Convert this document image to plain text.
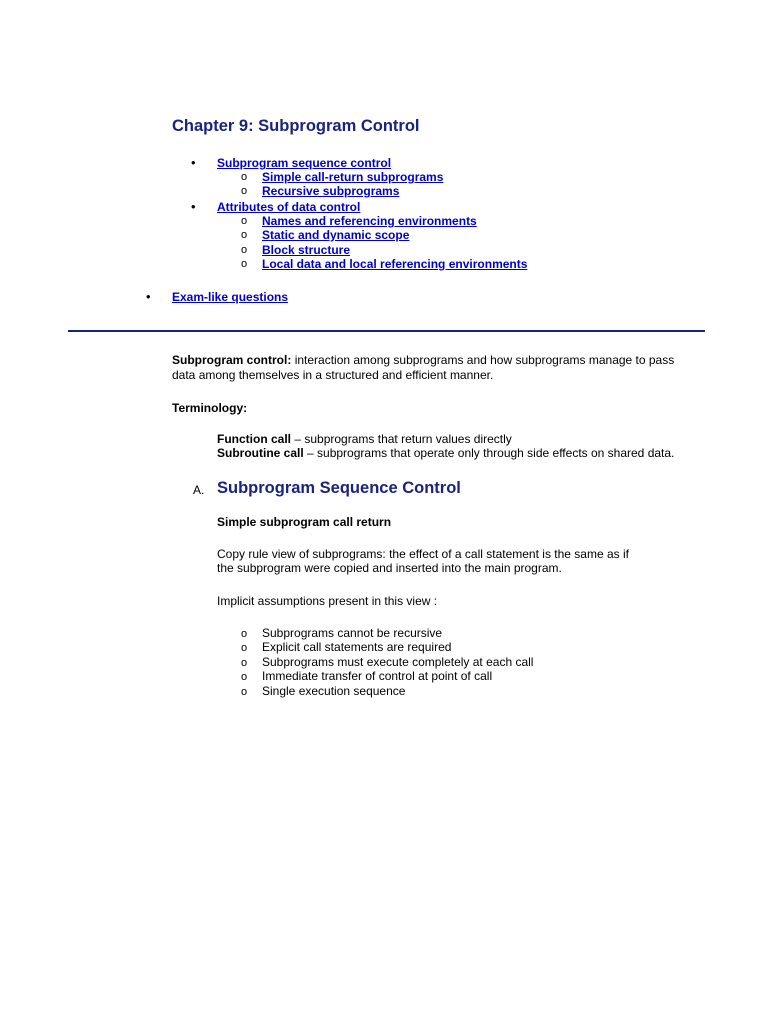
Chapter 9: Subprogram Control
• Subprogram sequence control
o Simple call-return subprograms
o Recursive subprograms
• Attributes of data control
o Names and referencing environments
o Static and dynamic scope
o Block structure
o Local data and local referencing environments
• Exam-like questions
Subprogram control: interaction among subprograms and how subprograms manage to pass
data among themselves in a structured and efficient manner.
Terminology:
Function call – subprograms that return values directly
Subroutine call – subprograms that operate only through side effects on shared data.
A. Subprogram Sequence Control
Simple subprogram call return
Copy rule view of subprograms: the effect of a call statement is the same as if
the subprogram were copied and inserted into the main program.
Implicit assumptions present in this view :
o Subprograms cannot be recursive
o Explicit call statements are required
o Subprograms must execute completely at each call
o Immediate transfer of control at point of call
o Single execution sequence
